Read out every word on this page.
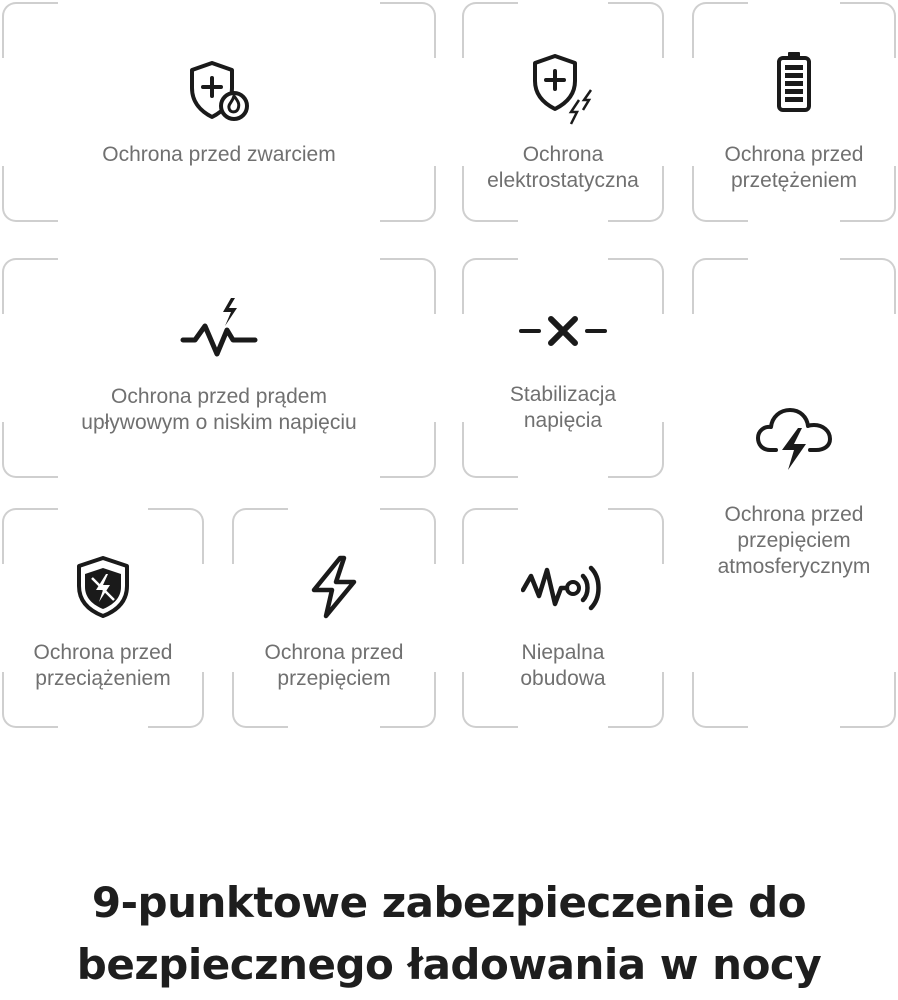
Ochrona przed zwarciem	Ochrona
elektrostatyczna
Ochrona przed
przetężeniem
Ochrona przed prądem
upływowym o niskim napięciu
Stabilizacja
napięcia
Ochrona przed
przepięciem
atmosferycznym
Ochrona przed
przeciążeniem
Ochrona przed
przepięciem
Niepalna
obudowa
9-punktowe zabezpieczenie do
bezpiecznego ładowania w nocy
